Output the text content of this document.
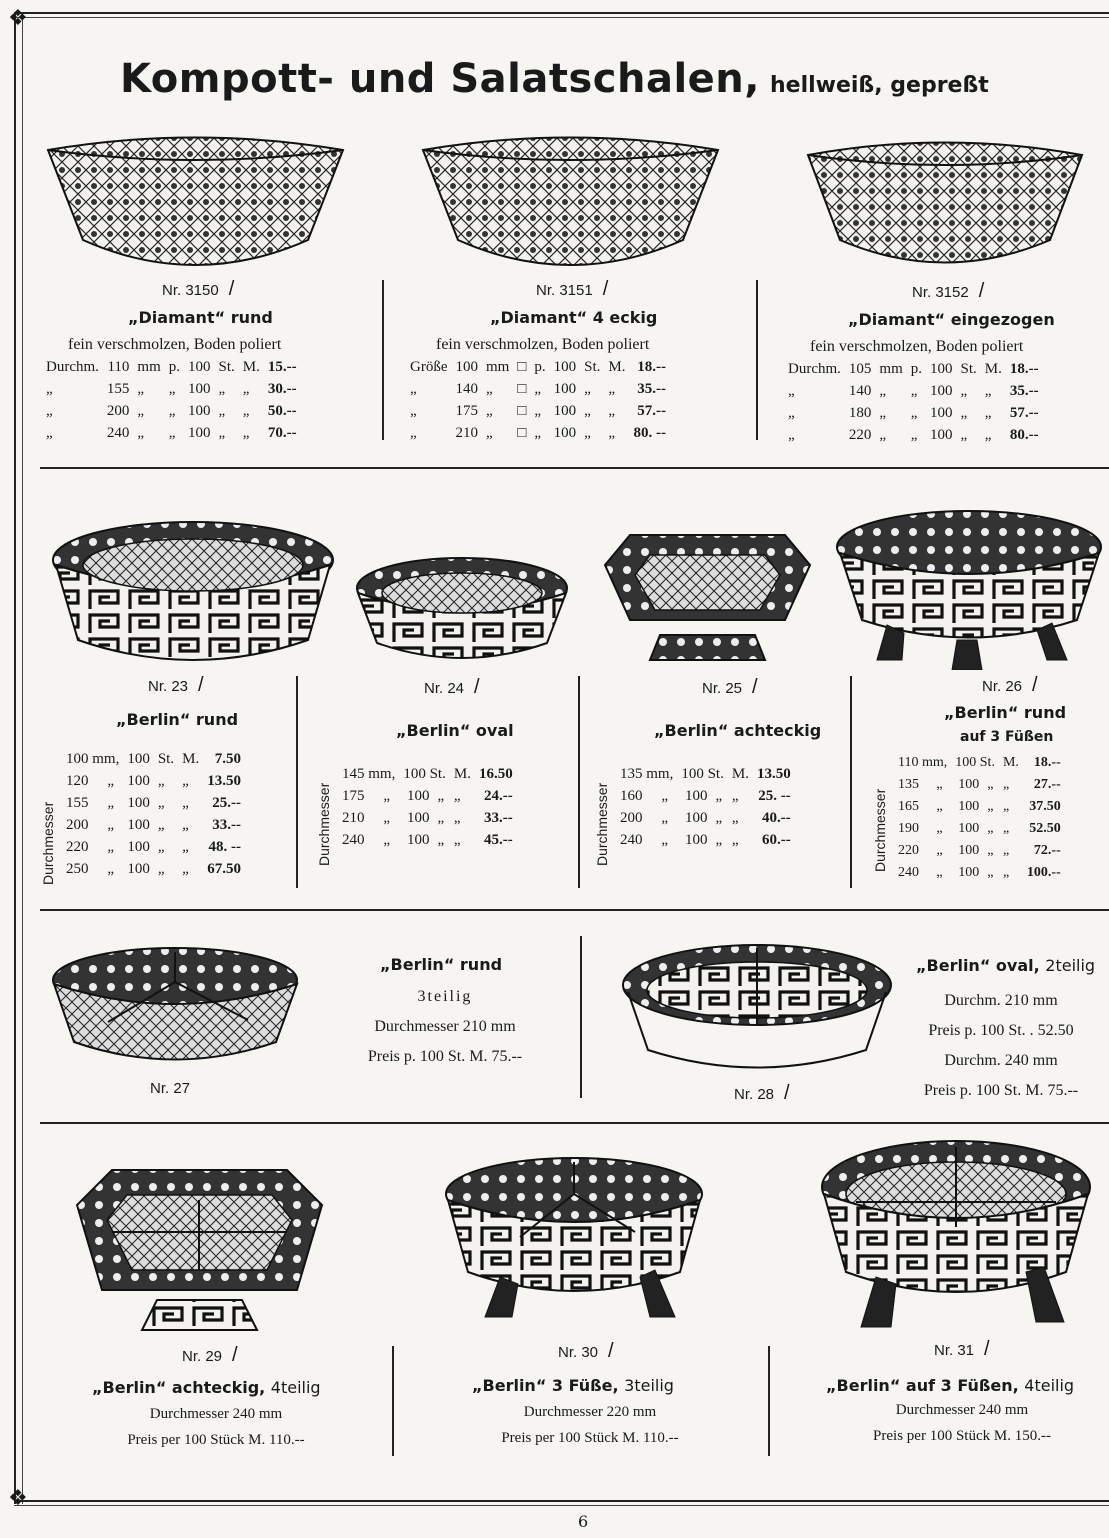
❖
❖
Kompott- und Salatschalen, hellweiß, gepreßt
Nr. 3150 /	Nr. 3151 /	Nr. 3152 /
„Diamant“ rund	„Diamant“ 4 eckig	„Diamant“ eingezogen
fein verschmolzen, Boden poliert	fein verschmolzen, Boden poliert	fein verschmolzen, Boden poliert
Durchm.	110	mm	p.	100	St.	M.	15.--
„	155	„	„	100	„	„	30.--
„	200	„	„	100	„	„	50.--
„	240	„	„	100	„	„	70.--
Größe	100	mm	□	p.	100	St.	M.	18.--
„	140	„	□	„	100	„	„	35.--
„	175	„	□	„	100	„	„	57.--
„	210	„	□	„	100	„	„	80. --
Durchm.	105	mm	p.	100	St.	M.	18.--
„	140	„	„	100	„	„	35.--
„	180	„	„	100	„	„	57.--
„	220	„	„	100	„	„	80.--
Nr. 23 /	Nr. 24 /	Nr. 25 /	Nr. 26 /
„Berlin“ rund
„Berlin“ oval	„Berlin“ achteckig
„Berlin“ rund
auf 3 Füßen
Durchmesser
100 mm,		100	St.	M.	7.50
120	„	100	„	„	13.50
155	„	100	„	„	25.--
200	„	100	„	„	33.--
220	„	100	„	„	48. --
250	„	100	„	„	67.50
Durchmesser
145 mm,		100 St.		M.	16.50
175	„	100	„	„	24.--
210	„	100	„	„	33.--
240	„	100	„	„	45.--	Durchmesser
135 mm,		100 St.		M.	13.50
160	„	100	„	„	25. --
200	„	100	„	„	40.--
240	„	100	„	„	60.--	Durchmesser
110 mm,		100 St.		M.	18.--
135	„	100	„	„	27.--
165	„	100	„	„	37.50
190	„	100	„	„	52.50
220	„	100	„	„	72.--
240	„	100	„	„	100.--
Nr. 27
„Berlin“ rund
3teilig
Durchmesser 210 mm
Preis p. 100 St. M. 75.--
Nr. 28 /
„Berlin“ oval, 2teilig
Durchm. 210 mm
Preis p. 100 St. . 52.50
Durchm. 240 mm
Preis p. 100 St. M. 75.--
Nr. 29 /	Nr. 30 /	Nr. 31 /
„Berlin“ achteckig, 4teilig
Durchmesser 240 mm
Preis per 100 Stück M. 110.--
„Berlin“ 3 Füße, 3teilig
Durchmesser 220 mm
Preis per 100 Stück M. 110.--
„Berlin“ auf 3 Füßen, 4teilig
Durchmesser 240 mm
Preis per 100 Stück M. 150.--
6
